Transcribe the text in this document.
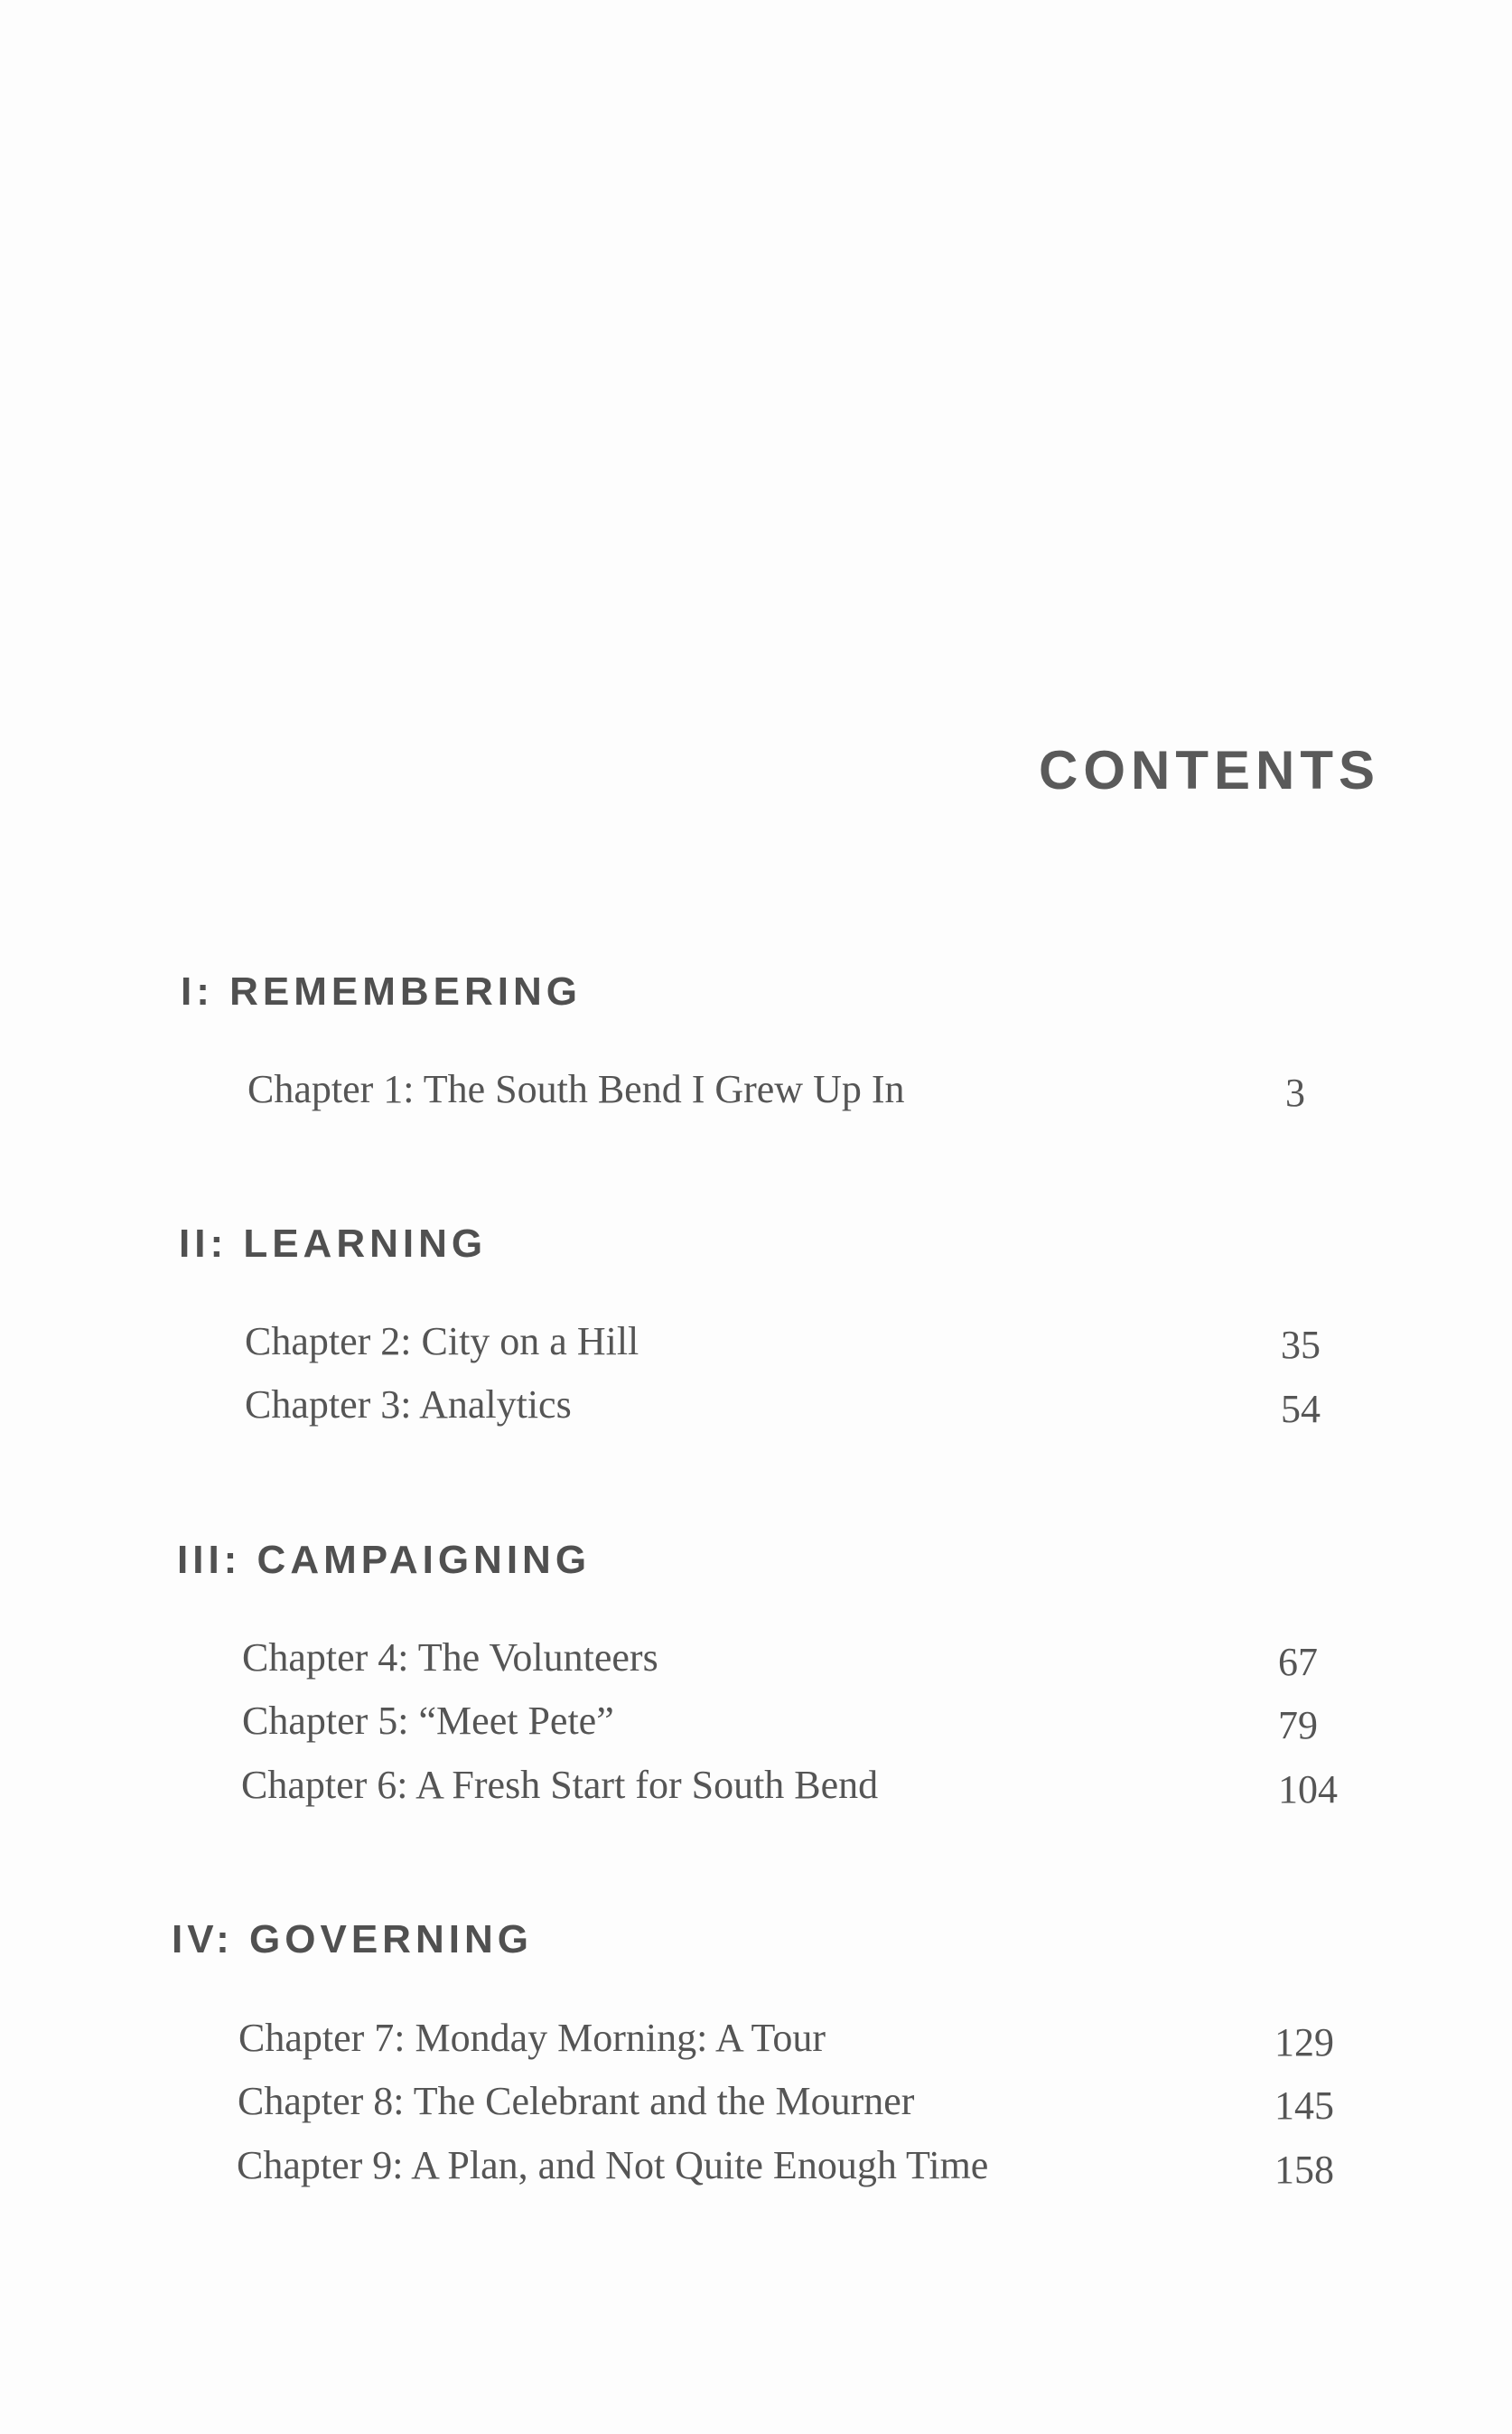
CONTENTS
I: REMEMBERING
Chapter 1: The South Bend I Grew Up In	3
II: LEARNING
Chapter 2: City on a Hill	35
Chapter 3: Analytics	54
III: CAMPAIGNING
Chapter 4: The Volunteers	67
Chapter 5: “Meet Pete”	79
Chapter 6: A Fresh Start for South Bend	104
IV: GOVERNING
Chapter 7: Monday Morning: A Tour	129
Chapter 8: The Celebrant and the Mourner	145
Chapter 9: A Plan, and Not Quite Enough Time	158
